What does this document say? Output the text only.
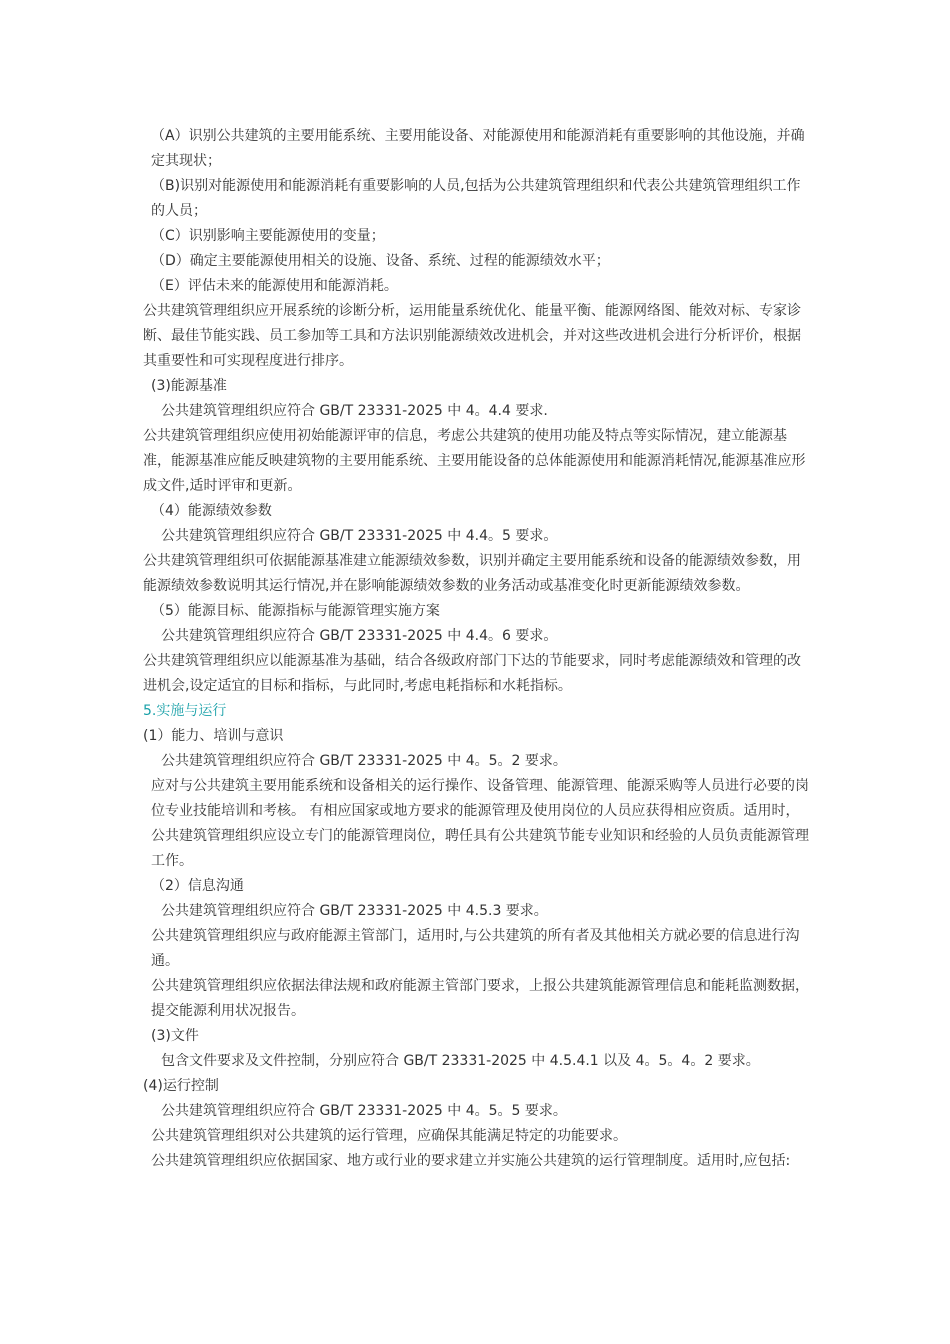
（A）识别公共建筑的主要用能系统、主要用能设备、对能源使用和能源消耗有重要影响的其他设施，并确定其现状；

（B)识别对能源使用和能源消耗有重要影响的人员,包括为公共建筑管理组织和代表公共建筑管理组织工作的人员；

（C）识别影响主要能源使用的变量；

（D）确定主要能源使用相关的设施、设备、系统、过程的能源绩效水平；

（E）评估未来的能源使用和能源消耗。

公共建筑管理组织应开展系统的诊断分析，运用能量系统优化、能量平衡、能源网络图、能效对标、专家诊断、最佳节能实践、员工参加等工具和方法识别能源绩效改进机会，并对这些改进机会进行分析评价，根据其重要性和可实现程度进行排序。

(3)能源基准

公共建筑管理组织应符合 GB/T 23331-2025 中 4。4.4 要求.

公共建筑管理组织应使用初始能源评审的信息，考虑公共建筑的使用功能及特点等实际情况，建立能源基准，能源基准应能反映建筑物的主要用能系统、主要用能设备的总体能源使用和能源消耗情况,能源基准应形成文件,适时评审和更新。

（4）能源绩效参数

公共建筑管理组织应符合 GB/T 23331-2025 中 4.4。5 要求。

公共建筑管理组织可依据能源基准建立能源绩效参数，识别并确定主要用能系统和设备的能源绩效参数，用能源绩效参数说明其运行情况,并在影响能源绩效参数的业务活动或基准变化时更新能源绩效参数。

（5）能源目标、能源指标与能源管理实施方案

公共建筑管理组织应符合 GB/T 23331-2025 中 4.4。6 要求。

公共建筑管理组织应以能源基准为基础，结合各级政府部门下达的节能要求，同时考虑能源绩效和管理的改进机会,设定适宜的目标和指标，与此同时,考虑电耗指标和水耗指标。

5.实施与运行

(1）能力、培训与意识

公共建筑管理组织应符合 GB/T 23331-2025 中 4。5。2 要求。

应对与公共建筑主要用能系统和设备相关的运行操作、设备管理、能源管理、能源采购等人员进行必要的岗位专业技能培训和考核。 有相应国家或地方要求的能源管理及使用岗位的人员应获得相应资质。适用时，公共建筑管理组织应设立专门的能源管理岗位，聘任具有公共建筑节能专业知识和经验的人员负责能源管理工作。

（2）信息沟通

公共建筑管理组织应符合 GB/T 23331-2025 中 4.5.3 要求。

公共建筑管理组织应与政府能源主管部门，适用时,与公共建筑的所有者及其他相关方就必要的信息进行沟通。

公共建筑管理组织应依据法律法规和政府能源主管部门要求，上报公共建筑能源管理信息和能耗监测数据，提交能源利用状况报告。

(3)文件

包含文件要求及文件控制，分别应符合 GB/T 23331-2025 中 4.5.4.1 以及 4。5。4。2 要求。

(4)运行控制

公共建筑管理组织应符合 GB/T 23331-2025 中 4。5。5 要求。

公共建筑管理组织对公共建筑的运行管理，应确保其能满足特定的功能要求。

公共建筑管理组织应依据国家、地方或行业的要求建立并实施公共建筑的运行管理制度。适用时,应包括:
